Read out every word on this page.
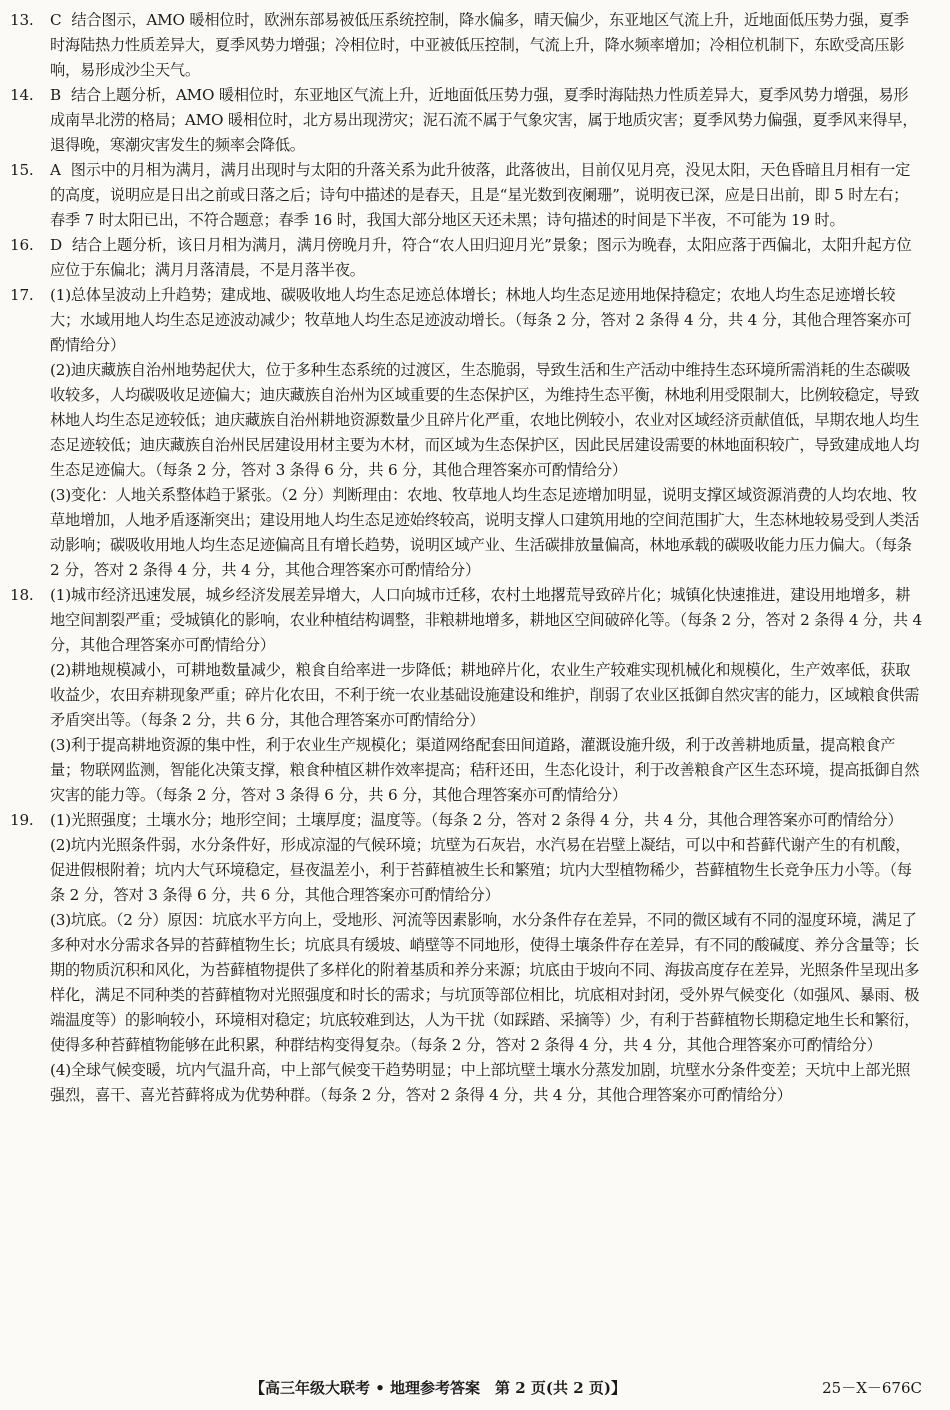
13.	C 结合图示，AMO 暖相位时，欧洲东部易被低压系统控制，降水偏多，晴天偏少，东亚地区气流上升，近地面低压势力强，夏季时海陆热力性质差异大，夏季风势力增强；冷相位时，中亚被低压控制，气流上升，降水频率增加；冷相位机制下，东欧受高压影响，易形成沙尘天气。

14.	B 结合上题分析，AMO 暖相位时，东亚地区气流上升，近地面低压势力强，夏季时海陆热力性质差异大，夏季风势力增强，易形成南旱北涝的格局；AMO 暖相位时，北方易出现涝灾；泥石流不属于气象灾害，属于地质灾害；夏季风势力偏强，夏季风来得早，退得晚，寒潮灾害发生的频率会降低。

15.	A 图示中的月相为满月，满月出现时与太阳的升落关系为此升彼落，此落彼出，目前仅见月亮，没见太阳，天色昏暗且月相有一定的高度，说明应是日出之前或日落之后；诗句中描述的是春天，且是“星光数到夜阑珊”，说明夜已深，应是日出前，即 5 时左右；春季 7 时太阳已出，不符合题意；春季 16 时，我国大部分地区天还未黑；诗句描述的时间是下半夜，不可能为 19 时。

16.	D 结合上题分析，该日月相为满月，满月傍晚月升，符合“农人田归迎月光”景象；图示为晚春，太阳应落于西偏北，太阳升起方位应位于东偏北；满月月落清晨，不是月落半夜。

17.	(1)总体呈波动上升趋势；建成地、碳吸收地人均生态足迹总体增长；林地人均生态足迹用地保持稳定；农地人均生态足迹增长较大；水域用地人均生态足迹波动减少；牧草地人均生态足迹波动增长。（每条 2 分，答对 2 条得 4 分，共 4 分，其他合理答案亦可酌情给分）

(2)迪庆藏族自治州地势起伏大，位于多种生态系统的过渡区，生态脆弱，导致生活和生产活动中维持生态环境所需消耗的生态碳吸收较多，人均碳吸收足迹偏大；迪庆藏族自治州为区域重要的生态保护区，为维持生态平衡，林地利用受限制大，比例较稳定，导致林地人均生态足迹较低；迪庆藏族自治州耕地资源数量少且碎片化严重，农地比例较小，农业对区域经济贡献值低，早期农地人均生态足迹较低；迪庆藏族自治州民居建设用材主要为木材，而区域为生态保护区，因此民居建设需要的林地面积较广，导致建成地人均生态足迹偏大。（每条 2 分，答对 3 条得 6 分，共 6 分，其他合理答案亦可酌情给分）

(3)变化：人地关系整体趋于紧张。（2 分）判断理由：农地、牧草地人均生态足迹增加明显，说明支撑区域资源消费的人均农地、牧草地增加，人地矛盾逐渐突出；建设用地人均生态足迹始终较高，说明支撑人口建筑用地的空间范围扩大，生态林地较易受到人类活动影响；碳吸收用地人均生态足迹偏高且有增长趋势，说明区域产业、生活碳排放量偏高，林地承载的碳吸收能力压力偏大。（每条 2 分，答对 2 条得 4 分，共 4 分，其他合理答案亦可酌情给分）

18.	(1)城市经济迅速发展，城乡经济发展差异增大，人口向城市迁移，农村土地撂荒导致碎片化；城镇化快速推进，建设用地增多，耕地空间割裂严重；受城镇化的影响，农业种植结构调整，非粮耕地增多，耕地区空间破碎化等。（每条 2 分，答对 2 条得 4 分，共 4 分，其他合理答案亦可酌情给分）

(2)耕地规模减小，可耕地数量减少，粮食自给率进一步降低；耕地碎片化，农业生产较难实现机械化和规模化，生产效率低，获取收益少，农田弃耕现象严重；碎片化农田，不利于统一农业基础设施建设和维护，削弱了农业区抵御自然灾害的能力，区域粮食供需矛盾突出等。（每条 2 分，共 6 分，其他合理答案亦可酌情给分）

(3)利于提高耕地资源的集中性，利于农业生产规模化；渠道网络配套田间道路，灌溉设施升级，利于改善耕地质量，提高粮食产量；物联网监测，智能化决策支撑，粮食种植区耕作效率提高；秸秆还田，生态化设计，利于改善粮食产区生态环境，提高抵御自然灾害的能力等。（每条 2 分，答对 3 条得 6 分，共 6 分，其他合理答案亦可酌情给分）

19.	(1)光照强度；土壤水分；地形空间；土壤厚度；温度等。（每条 2 分，答对 2 条得 4 分，共 4 分，其他合理答案亦可酌情给分）

(2)坑内光照条件弱，水分条件好，形成凉湿的气候环境；坑壁为石灰岩，水汽易在岩壁上凝结，可以中和苔藓代谢产生的有机酸，促进假根附着；坑内大气环境稳定，昼夜温差小，利于苔藓植被生长和繁殖；坑内大型植物稀少，苔藓植物生长竞争压力小等。（每条 2 分，答对 3 条得 6 分，共 6 分，其他合理答案亦可酌情给分）

(3)坑底。（2 分）原因：坑底水平方向上，受地形、河流等因素影响，水分条件存在差异，不同的微区域有不同的湿度环境，满足了多种对水分需求各异的苔藓植物生长；坑底具有缓坡、峭壁等不同地形，使得土壤条件存在差异，有不同的酸碱度、养分含量等；长期的物质沉积和风化，为苔藓植物提供了多样化的附着基质和养分来源；坑底由于坡向不同、海拔高度存在差异，光照条件呈现出多样化，满足不同种类的苔藓植物对光照强度和时长的需求；与坑顶等部位相比，坑底相对封闭，受外界气候变化（如强风、暴雨、极端温度等）的影响较小，环境相对稳定；坑底较难到达，人为干扰（如踩踏、采摘等）少，有利于苔藓植物长期稳定地生长和繁衍，使得多种苔藓植物能够在此积累，种群结构变得复杂。（每条 2 分，答对 2 条得 4 分，共 4 分，其他合理答案亦可酌情给分）

(4)全球气候变暖，坑内气温升高，中上部气候变干趋势明显；中上部坑壁土壤水分蒸发加剧，坑壁水分条件变差；天坑中上部光照强烈，喜干、喜光苔藓将成为优势种群。（每条 2 分，答对 2 条得 4 分，共 4 分，其他合理答案亦可酌情给分）

【高三年级大联考 • 地理参考答案　第 2 页(共 2 页)】	25－X－676C
